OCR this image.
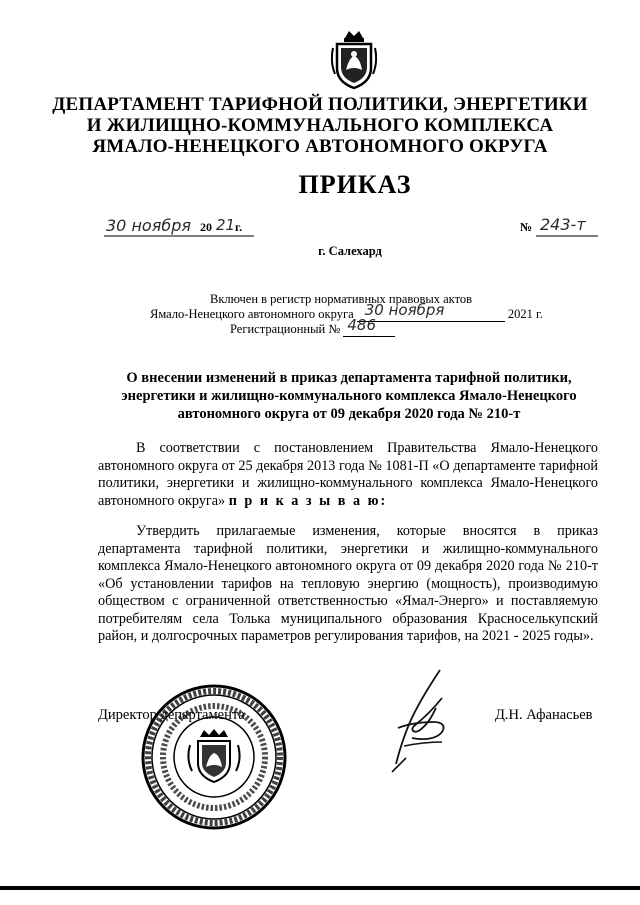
ДЕПАРТАМЕНТ ТАРИФНОЙ ПОЛИТИКИ, ЭНЕРГЕТИКИ
И ЖИЛИЩНО-КОММУНАЛЬНОГО КОМПЛЕКСА
ЯМАЛО-НЕНЕЦКОГО АВТОНОМНОГО ОКРУГА
ПРИКАЗ
30 ноября 20 21 г.	№ 243-т
г. Салехард
Включен в регистр нормативных правовых актов
Ямало-Ненецкого автономного округа 30 ноября	2021 г.
Регистрационный № 486
О внесении изменений в приказ департамента тарифной политики, энергетики и жилищно-коммунального комплекса Ямало-Ненецкого автономного округа от 09 декабря 2020 года № 210-т
В соответствии с постановлением Правительства Ямало-Ненецкого автономного округа от 25 декабря 2013 года № 1081-П «О департаменте тарифной политики, энергетики и жилищно-коммунального комплекса Ямало-Ненецкого автономного округа» п р и к а з ы в а ю:
Утвердить прилагаемые изменения, которые вносятся в приказ департамента тарифной политики, энергетики и жилищно-коммунального комплекса Ямало-Ненецкого автономного округа от 09 декабря 2020 года № 210-т «Об установлении тарифов на тепловую энергию (мощность), производимую обществом с ограниченной ответственностью «Ямал-Энерго» и поставляемую потребителям села Толька муниципального образования Красноселькупский район, и долгосрочных параметров регулирования тарифов, на 2021 - 2025 годы».
Директор департамента	Д.Н. Афанасьев
